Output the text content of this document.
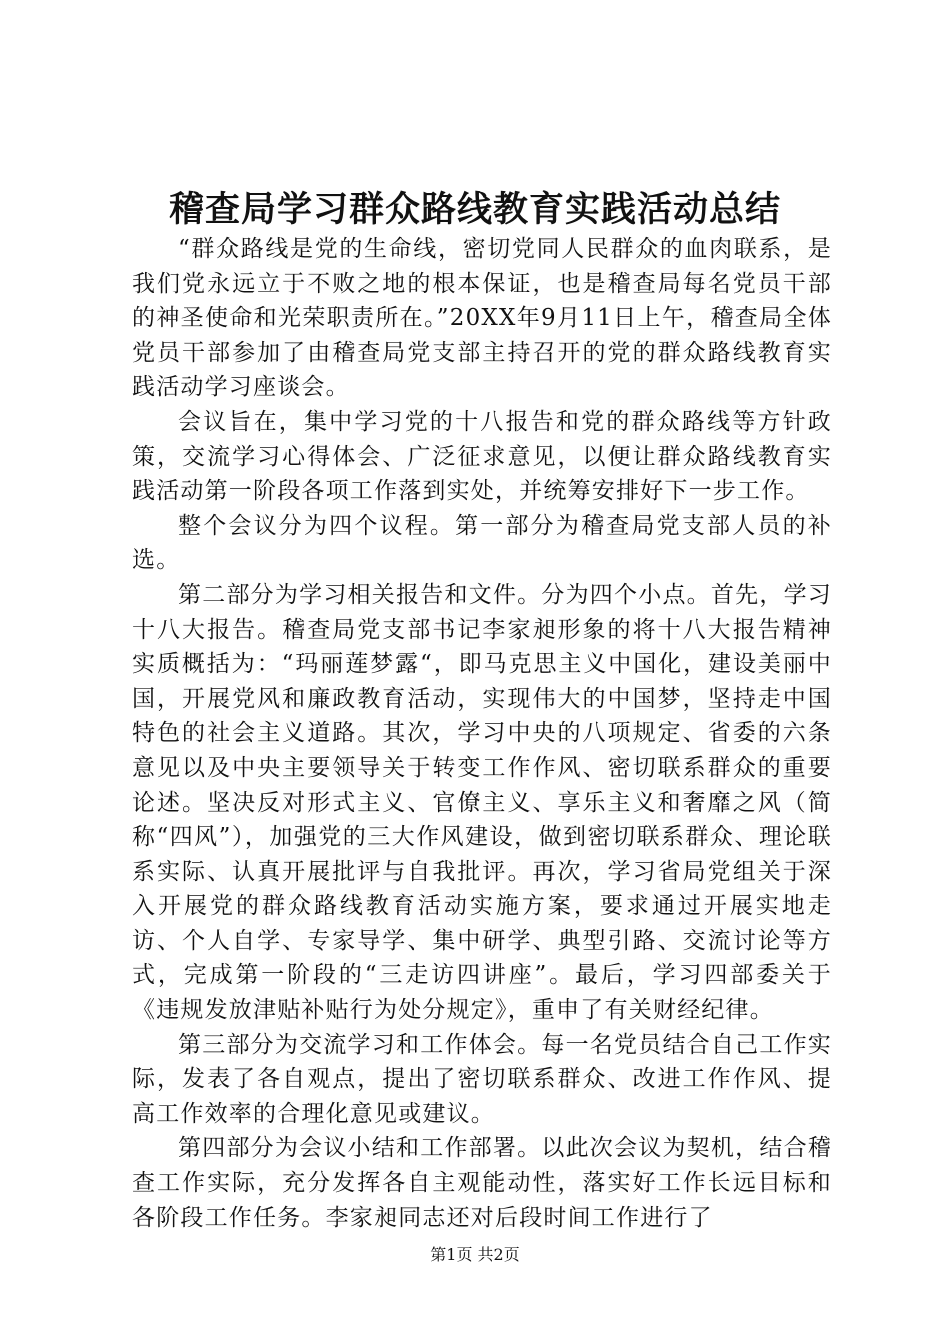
稽查局学习群众路线教育实践活动总结

“群众路线是党的生命线，密切党同人民群众的血肉联系，是我们党永远立于不败之地的根本保证，也是稽查局每名党员干部的神圣使命和光荣职责所在。”20XX年9月11日上午，稽查局全体党员干部参加了由稽查局党支部主持召开的党的群众路线教育实践活动学习座谈会。

会议旨在，集中学习党的十八报告和党的群众路线等方针政策，交流学习心得体会、广泛征求意见，以便让群众路线教育实践活动第一阶段各项工作落到实处，并统筹安排好下一步工作。

整个会议分为四个议程。第一部分为稽查局党支部人员的补选。

第二部分为学习相关报告和文件。分为四个小点。首先，学习十八大报告。稽查局党支部书记李家昶形象的将十八大报告精神实质概括为：“玛丽莲梦露“，即马克思主义中国化，建设美丽中国，开展党风和廉政教育活动，实现伟大的中国梦，坚持走中国特色的社会主义道路。其次，学习中央的八项规定、省委的六条意见以及中央主要领导关于转变工作作风、密切联系群众的重要论述。坚决反对形式主义、官僚主义、享乐主义和奢靡之风（简称“四风”），加强党的三大作风建设，做到密切联系群众、理论联系实际、认真开展批评与自我批评。再次，学习省局党组关于深入开展党的群众路线教育活动实施方案，要求通过开展实地走访、个人自学、专家导学、集中研学、典型引路、交流讨论等方式，完成第一阶段的“三走访四讲座”。最后，学习四部委关于《违规发放津贴补贴行为处分规定》，重申了有关财经纪律。

第三部分为交流学习和工作体会。每一名党员结合自己工作实际，发表了各自观点，提出了密切联系群众、改进工作作风、提高工作效率的合理化意见或建议。

第四部分为会议小结和工作部署。以此次会议为契机，结合稽查工作实际，充分发挥各自主观能动性，落实好工作长远目标和各阶段工作任务。李家昶同志还对后段时间工作进行了

第1页 共2页
